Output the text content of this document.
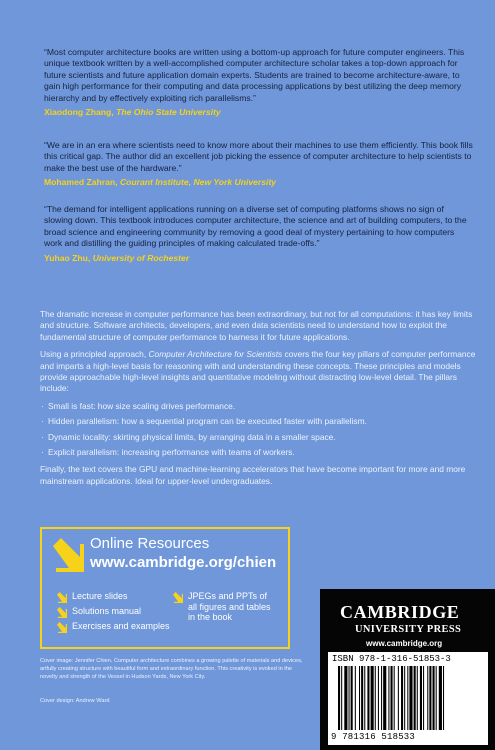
“Most computer architecture books are written using a bottom-up approach for future computer engineers. This unique textbook written by a well-accomplished computer architecture scholar takes a top-down approach for future scientists and future application domain experts. Students are trained to become architecture-aware, to gain high performance for their computing and data processing applications by best utilizing the deep memory hierarchy and by effectively exploiting rich parallelisms.”

Xiaodong Zhang, The Ohio State University

“We are in an era where scientists need to know more about their machines to use them efficiently. This book fills this critical gap. The author did an excellent job picking the essence of computer architecture to help scientists to make the best use of the hardware.”

Mohamed Zahran, Courant Institute, New York University

“The demand for intelligent applications running on a diverse set of computing platforms shows no sign of slowing down. This textbook introduces computer architecture, the science and art of building computers, to the broad science and engineering community by removing a good deal of mystery pertaining to how computers work and distilling the guiding principles of making calculated trade-offs.”

Yuhao Zhu, University of Rochester

The dramatic increase in computer performance has been extraordinary, but not for all computations: it has key limits and structure. Software architects, developers, and even data scientists need to understand how to exploit the fundamental structure of computer performance to harness it for future applications.

Using a principled approach, Computer Architecture for Scientists covers the four key pillars of computer performance and imparts a high-level basis for reasoning with and understanding these concepts. These principles and models provide approachable high-level insights and quantitative modeling without distracting low-level detail. The pillars include:

· Small is fast: how size scaling drives performance.
· Hidden parallelism: how a sequential program can be executed faster with parallelism.
· Dynamic locality: skirting physical limits, by arranging data in a smaller space.
· Explicit parallelism: increasing performance with teams of workers.

Finally, the text covers the GPU and machine-learning accelerators that have become important for more and more mainstream applications. Ideal for upper-level undergraduates.

Online Resources
www.cambridge.org/chien
Lecture slides
Solutions manual
Exercises and examples
JPEGs and PPTs of
all figures and tables
in the book	CAMBRIDGE
UNIVERSITY PRESS
www.cambridge.org
ISBN 978-1-316-51853-3
9 781316 518533
Cover image: Jennifer Chien. Computer architecture combines a growing palette of materials and devices, artfully creating structure with beautiful form and extraordinary function. This creativity is evoked in the novelty and strength of the Vessel in Hudson Yards, New York City.
Cover design: Andrew Ward
